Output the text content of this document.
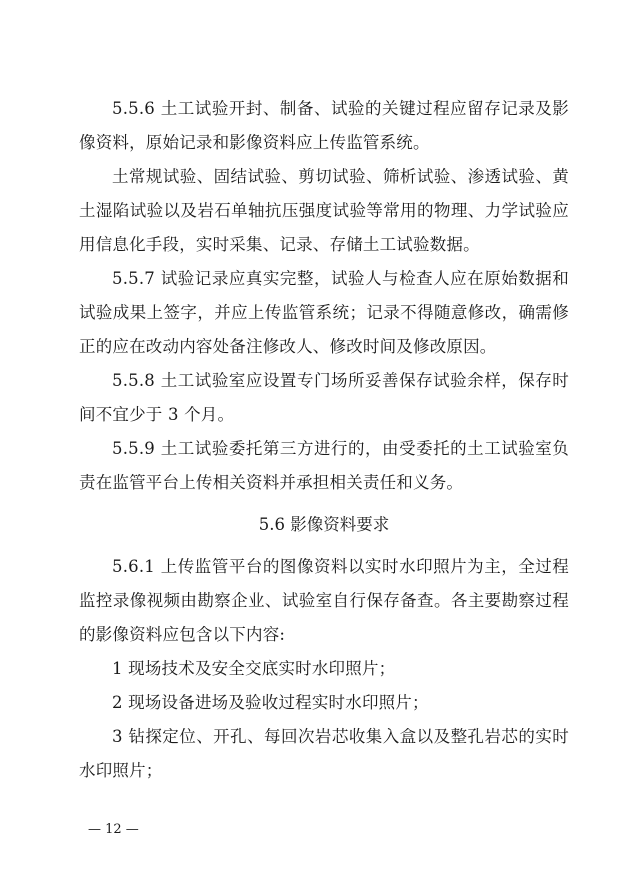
5.5.6 土工试验开封、制备、试验的关键过程应留存记录及影像资料，原始记录和影像资料应上传监管系统。

土常规试验、固结试验、剪切试验、筛析试验、渗透试验、黄土湿陷试验以及岩石单轴抗压强度试验等常用的物理、力学试验应用信息化手段，实时采集、记录、存储土工试验数据。

5.5.7 试验记录应真实完整，试验人与检查人应在原始数据和试验成果上签字，并应上传监管系统；记录不得随意修改，确需修正的应在改动内容处备注修改人、修改时间及修改原因。

5.5.8 土工试验室应设置专门场所妥善保存试验余样，保存时间不宜少于 3 个月。

5.5.9 土工试验委托第三方进行的，由受委托的土工试验室负责在监管平台上传相关资料并承担相关责任和义务。

5.6 影像资料要求

5.6.1 上传监管平台的图像资料以实时水印照片为主，全过程监控录像视频由勘察企业、试验室自行保存备查。各主要勘察过程的影像资料应包含以下内容:

1 现场技术及安全交底实时水印照片；

2 现场设备进场及验收过程实时水印照片；

3 钻探定位、开孔、每回次岩芯收集入盒以及整孔岩芯的实时水印照片；

— 12 —
